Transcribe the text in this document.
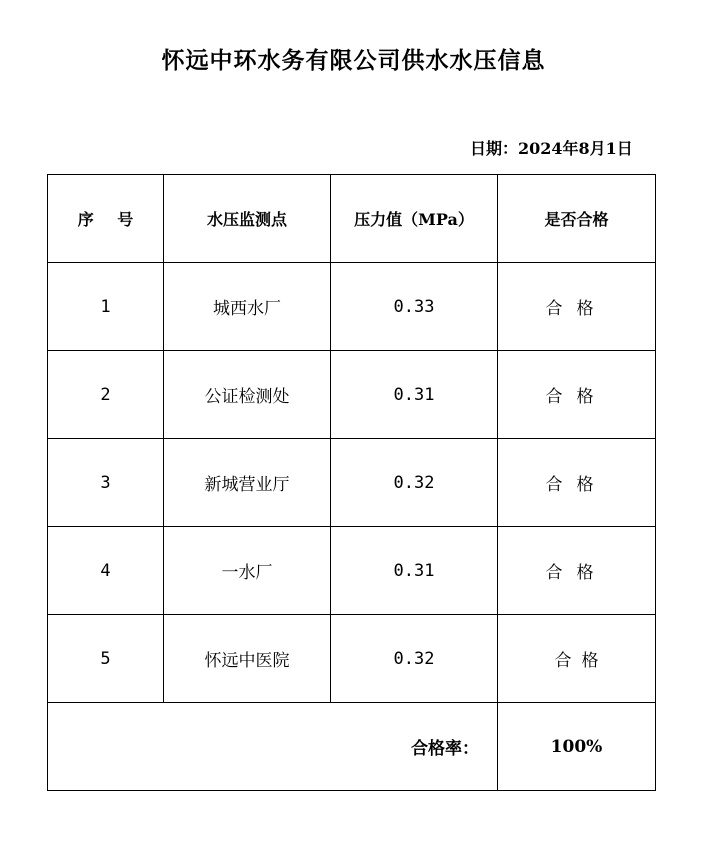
怀远中环水务有限公司供水水压信息
日期：2024年8月1日
序 号	水压监测点	压力值（MPa）	是否合格
1	城西水厂	0.33	合格
2	公证检测处	0.31	合格
3	新城营业厅	0.32	合格
4	一水厂	0.31	合格
5	怀远中医院	0.32	合格
合格率：			100%
